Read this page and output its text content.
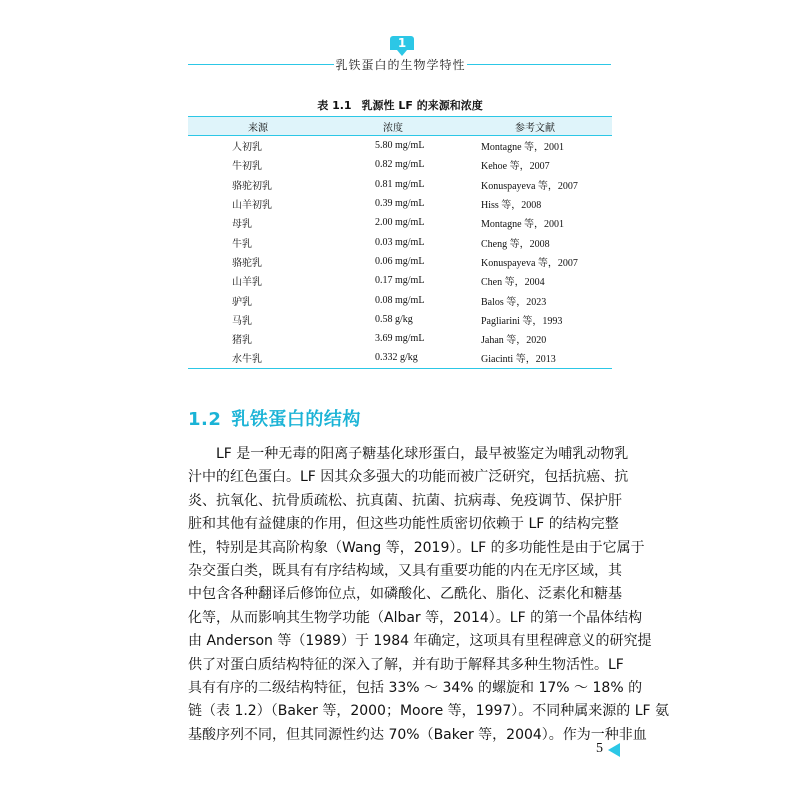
1
乳铁蛋白的生物学特性
表 1.1 乳源性 LF 的来源和浓度
来源	浓度	参考文献
人初乳	5.80 mg/mL	Montagne 等，2001
牛初乳	0.82 mg/mL	Kehoe 等，2007
骆驼初乳	0.81 mg/mL	Konuspayeva 等，2007
山羊初乳	0.39 mg/mL	Hiss 等，2008
母乳	2.00 mg/mL	Montagne 等，2001
牛乳	0.03 mg/mL	Cheng 等，2008
骆驼乳	0.06 mg/mL	Konuspayeva 等，2007
山羊乳	0.17 mg/mL	Chen 等，2004
驴乳	0.08 mg/mL	Balos 等，2023
马乳	0.58 g/kg	Pagliarini 等，1993
猪乳	3.69 mg/mL	Jahan 等，2020
水牛乳	0.332 g/kg	Giacinti 等，2013
1.2 乳铁蛋白的结构
LF 是一种无毒的阳离子糖基化球形蛋白，最早被鉴定为哺乳动物乳
汁中的红色蛋白。LF 因其众多强大的功能而被广泛研究，包括抗癌、抗
炎、抗氧化、抗骨质疏松、抗真菌、抗菌、抗病毒、免疫调节、保护肝
脏和其他有益健康的作用，但这些功能性质密切依赖于 LF 的结构完整
性，特别是其高阶构象（Wang 等，2019）。LF 的多功能性是由于它属于
杂交蛋白类，既具有有序结构域，又具有重要功能的内在无序区域，其
中包含各种翻译后修饰位点，如磷酸化、乙酰化、脂化、泛素化和糖基
化等，从而影响其生物学功能（Albar 等，2014）。LF 的第一个晶体结构
由 Anderson 等（1989）于 1984 年确定，这项具有里程碑意义的研究提
供了对蛋白质结构特征的深入了解，并有助于解释其多种生物活性。LF
具有有序的二级结构特征，包括 33% ～ 34% 的螺旋和 17% ～ 18% 的
链（表 1.2）（Baker 等，2000；Moore 等，1997）。不同种属来源的 LF 氨
基酸序列不同，但其同源性约达 70%（Baker 等，2004）。作为一种非血
5
